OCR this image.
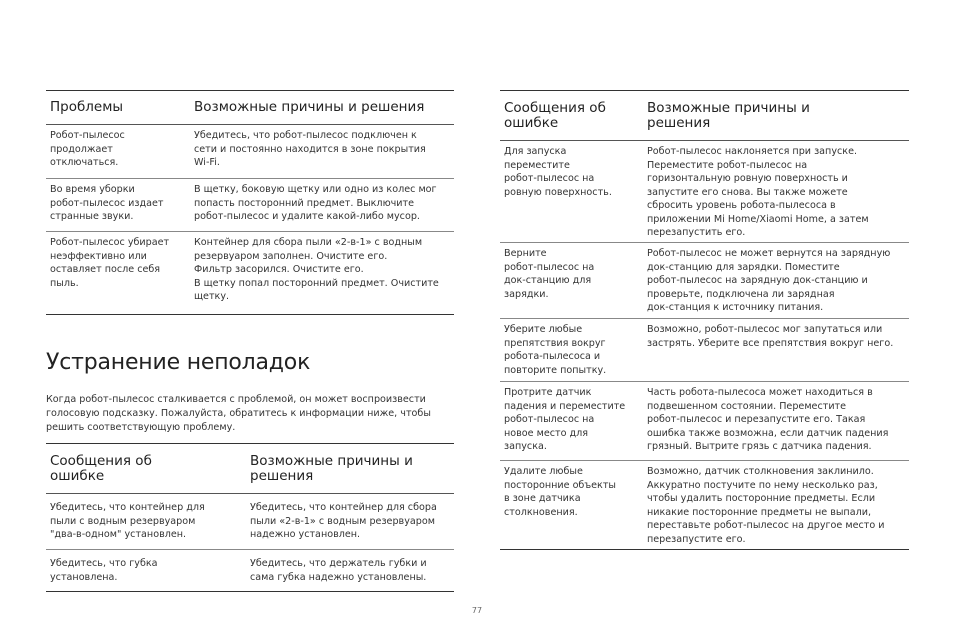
Проблемы	Возможные причины и решения
Робот-пылесос
продолжает
отключаться.
Убедитесь, что робот-пылесос подключен к
сети и постоянно находится в зоне покрытия
Wi-Fi.
Во время уборки
робот-пылесос издает
странные звуки.
В щетку, боковую щетку или одно из колес мог
попасть посторонний предмет. Выключите
робот-пылесос и удалите какой-либо мусор.
Робот-пылесос убирает
неэффективно или
оставляет после себя
пыль.
Контейнер для сбора пыли «2-в-1» с водным
резервуаром заполнен. Очистите его.
Фильтр засорился. Очистите его.
В щетку попал посторонний предмет. Очистите
щетку.
Устранение неполадок
Когда робот-пылесос сталкивается с проблемой, он может воспроизвести голосовую подсказку. Пожалуйста, обратитесь к информации ниже, чтобы решить соответствующую проблему.
Сообщения об
ошибке
Возможные причины и
решения
Убедитесь, что контейнер для
пыли с водным резервуаром
"два-в-одном" установлен.
Убедитесь, что контейнер для сбора
пыли «2-в-1» с водным резервуаром
надежно установлен.
Убедитесь, что губка
установлена.
Убедитесь, что держатель губки и
сама губка надежно установлены.
Сообщения об
ошибке
Возможные причины и
решения
Для запуска
переместите
робот-пылесос на
ровную поверхность.
Робот-пылесос наклоняется при запуске.
Переместите робот-пылесос на
горизонтальную ровную поверхность и
запустите его снова. Вы также можете
сбросить уровень робота-пылесоса в
приложении Mi Home/Xiaomi Home, а затем
перезапустить его.
Верните
робот-пылесос на
док-станцию для
зарядки.
Робот-пылесос не может вернутся на зарядную
док-станцию для зарядки. Поместите
робот-пылесос на зарядную док-станцию и
проверьте, подключена ли зарядная
док-станция к источнику питания.
Уберите любые
препятствия вокруг
робота-пылесоса и
повторите попытку.
Возможно, робот-пылесос мог запутаться или
застрять. Уберите все препятствия вокруг него.
Протрите датчик
падения и переместите
робот-пылесос на
новое место для
запуска.
Часть робота-пылесоса может находиться в
подвешенном состоянии. Переместите
робот-пылесос и перезапустите его. Такая
ошибка также возможна, если датчик падения
грязный. Вытрите грязь с датчика падения.
Удалите любые
посторонние объекты
в зоне датчика
столкновения.
Возможно, датчик столкновения заклинило.
Аккуратно постучите по нему несколько раз,
чтобы удалить посторонние предметы. Если
никакие посторонние предметы не выпали,
переставьте робот-пылесос на другое место и
перезапустите его.
77
